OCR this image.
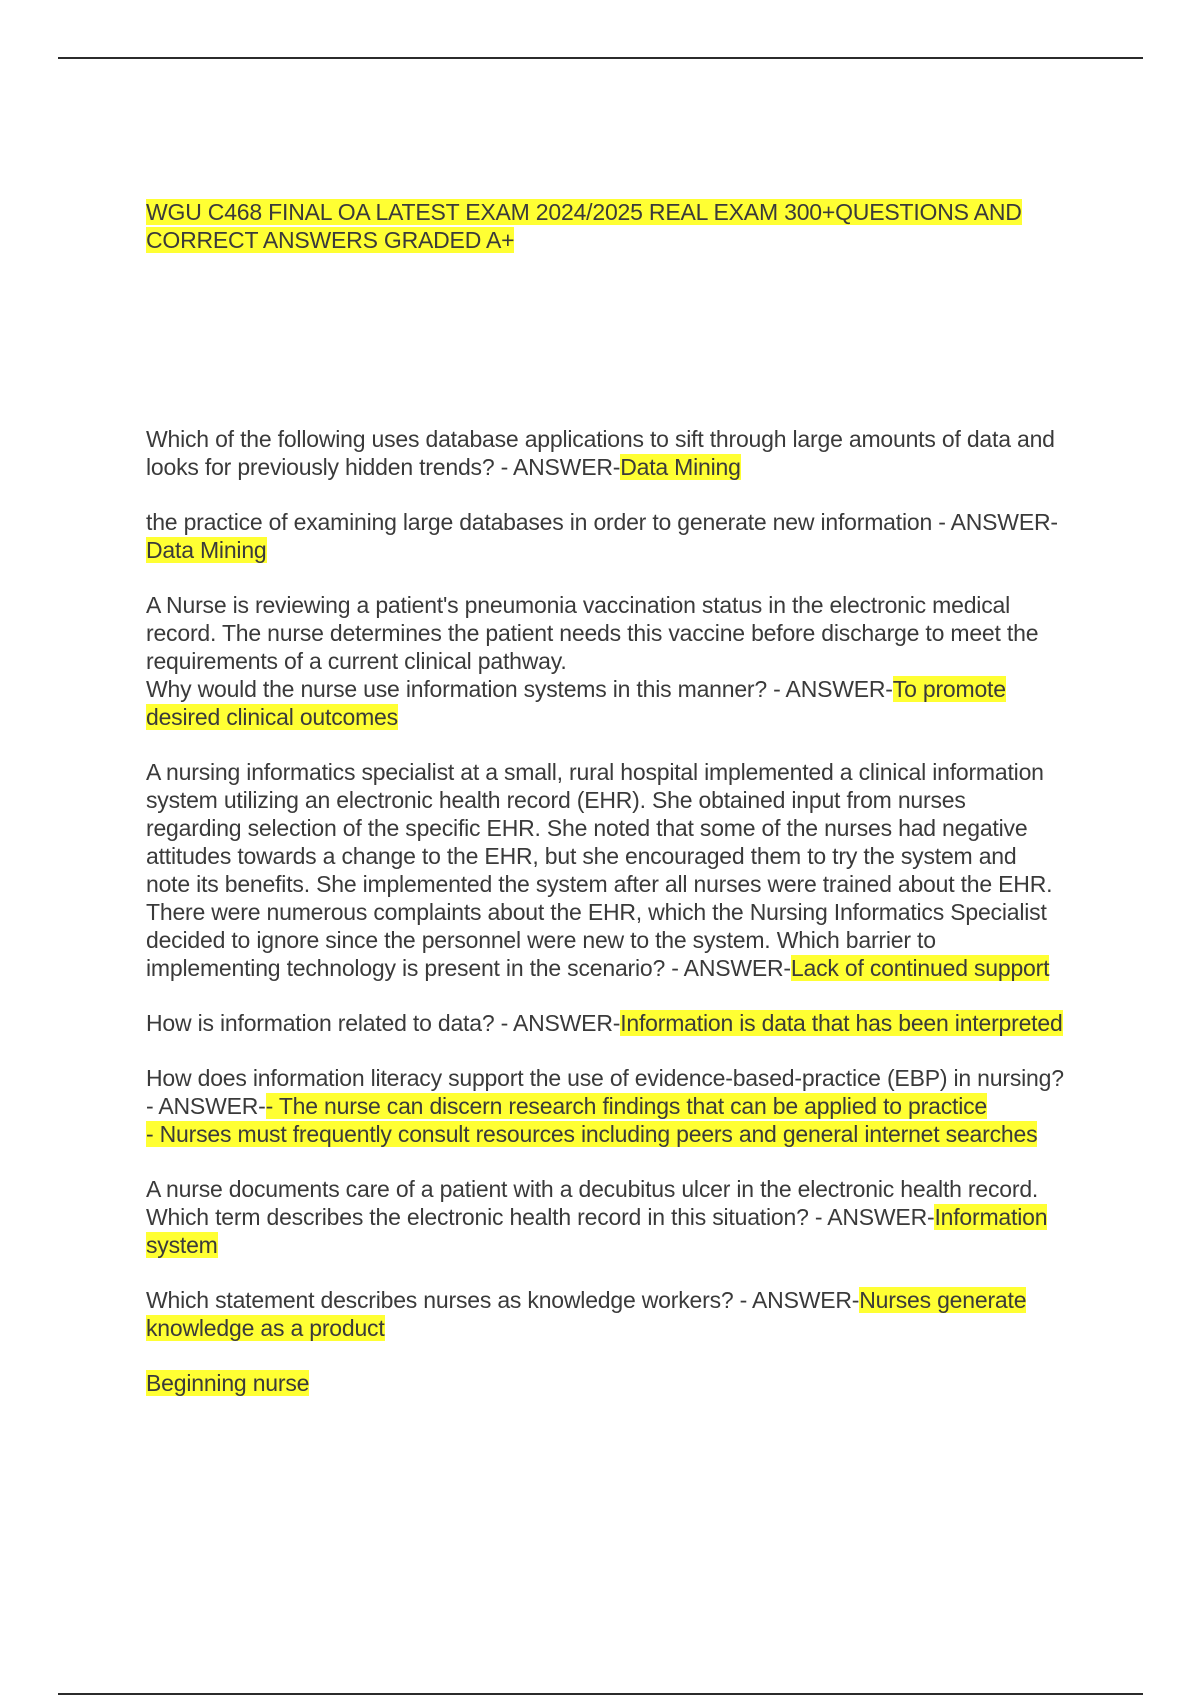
WGU C468 FINAL OA LATEST EXAM 2024/2025 REAL EXAM 300+QUESTIONS AND CORRECT ANSWERS GRADED A+

Which of the following uses database applications to sift through large amounts of data and looks for previously hidden trends? - ANSWER-Data Mining

the practice of examining large databases in order to generate new information - ANSWER-Data Mining

A Nurse is reviewing a patient's pneumonia vaccination status in the electronic medical record. The nurse determines the patient needs this vaccine before discharge to meet the requirements of a current clinical pathway.
Why would the nurse use information systems in this manner? - ANSWER-To promote desired clinical outcomes

A nursing informatics specialist at a small, rural hospital implemented a clinical information system utilizing an electronic health record (EHR). She obtained input from nurses regarding selection of the specific EHR. She noted that some of the nurses had negative attitudes towards a change to the EHR, but she encouraged them to try the system and note its benefits. She implemented the system after all nurses were trained about the EHR. There were numerous complaints about the EHR, which the Nursing Informatics Specialist decided to ignore since the personnel were new to the system. Which barrier to implementing technology is present in the scenario? - ANSWER-Lack of continued support

How is information related to data? - ANSWER-Information is data that has been interpreted

How does information literacy support the use of evidence-based-practice (EBP) in nursing? - ANSWER-- The nurse can discern research findings that can be applied to practice
- Nurses must frequently consult resources including peers and general internet searches

A nurse documents care of a patient with a decubitus ulcer in the electronic health record.
Which term describes the electronic health record in this situation? - ANSWER-Information system

Which statement describes nurses as knowledge workers? - ANSWER-Nurses generate knowledge as a product

Beginning nurse
